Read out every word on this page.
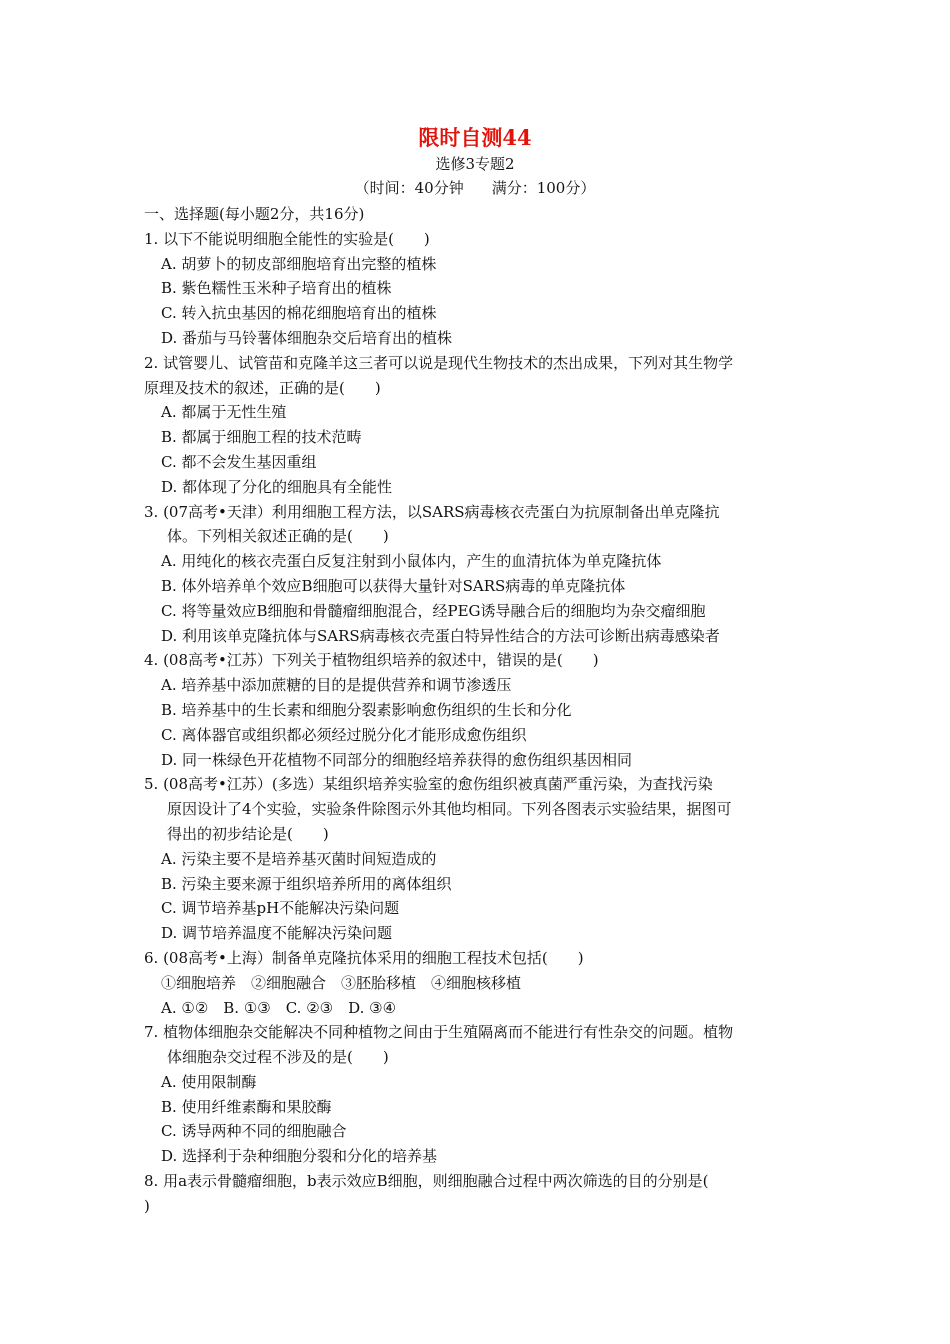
限时自测44
选修3专题2
（时间：40分钟 满分：100分）
一、选择题(每小题2分，共16分)
1. 以下不能说明细胞全能性的实验是(　　)
A. 胡萝卜的韧皮部细胞培育出完整的植株
B. 紫色糯性玉米种子培育出的植株
C. 转入抗虫基因的棉花细胞培育出的植株
D. 番茄与马铃薯体细胞杂交后培育出的植株
2. 试管婴儿、试管苗和克隆羊这三者可以说是现代生物技术的杰出成果，下列对其生物学
原理及技术的叙述，正确的是(　　)
A. 都属于无性生殖
B. 都属于细胞工程的技术范畴
C. 都不会发生基因重组
D. 都体现了分化的细胞具有全能性
3. (07高考•天津）利用细胞工程方法，以SARS病毒核衣壳蛋白为抗原制备出单克隆抗
体。下列相关叙述正确的是(　　)
A. 用纯化的核衣壳蛋白反复注射到小鼠体内，产生的血清抗体为单克隆抗体
B. 体外培养单个效应B细胞可以获得大量针对SARS病毒的单克隆抗体
C. 将等量效应B细胞和骨髓瘤细胞混合，经PEG诱导融合后的细胞均为杂交瘤细胞
D. 利用该单克隆抗体与SARS病毒核衣壳蛋白特异性结合的方法可诊断出病毒感染者
4. (08高考•江苏）下列关于植物组织培养的叙述中，错误的是(　　)
A. 培养基中添加蔗糖的目的是提供营养和调节渗透压
B. 培养基中的生长素和细胞分裂素影响愈伤组织的生长和分化
C. 离体器官或组织都必须经过脱分化才能形成愈伤组织
D. 同一株绿色开花植物不同部分的细胞经培养获得的愈伤组织基因相同
5. (08高考•江苏）(多选）某组织培养实验室的愈伤组织被真菌严重污染，为查找污染
原因设计了4个实验，实验条件除图示外其他均相同。下列各图表示实验结果，据图可
得出的初步结论是(　　)
A. 污染主要不是培养基灭菌时间短造成的
B. 污染主要来源于组织培养所用的离体组织
C. 调节培养基pH不能解决污染问题
D. 调节培养温度不能解决污染问题
6. (08高考•上海）制备单克隆抗体采用的细胞工程技术包括(　　)
①细胞培养　②细胞融合　③胚胎移植　④细胞核移植
A. ①②　B. ①③　C. ②③　D. ③④
7. 植物体细胞杂交能解决不同种植物之间由于生殖隔离而不能进行有性杂交的问题。植物
体细胞杂交过程不涉及的是(　　)
A. 使用限制酶
B. 使用纤维素酶和果胶酶
C. 诱导两种不同的细胞融合
D. 选择利于杂种细胞分裂和分化的培养基
8. 用a表示骨髓瘤细胞，b表示效应B细胞，则细胞融合过程中两次筛选的目的分别是(
)
